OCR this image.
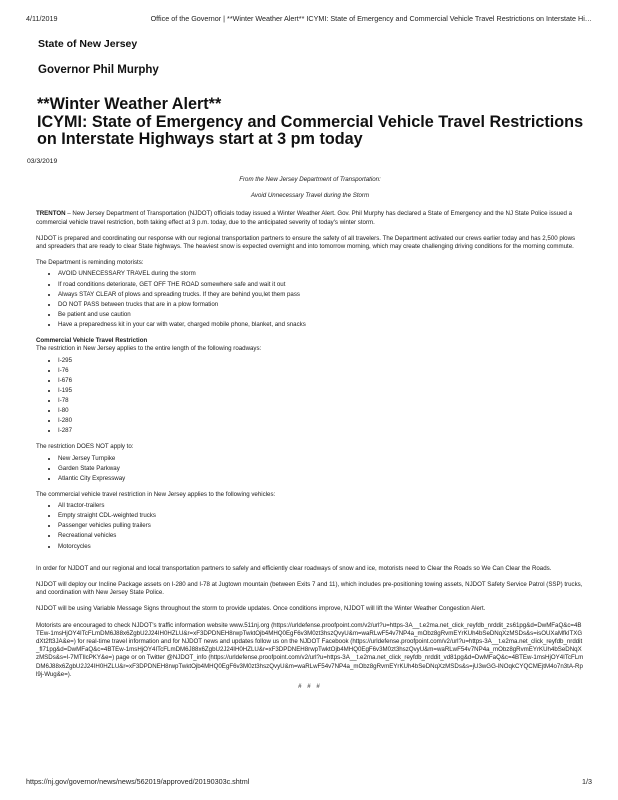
4/11/2019	Office of the Governor | **Winter Weather Alert** ICYMI: State of Emergency and Commercial Vehicle Travel Restrictions on Interstate Hi…
State of New Jersey
Governor Phil Murphy
**Winter Weather Alert**
ICYMI: State of Emergency and Commercial Vehicle Travel Restrictions on Interstate Highways start at 3 pm today
03/3/2019

From the New Jersey Department of Transportation:

Avoid Unnecessary Travel during the Storm

TRENTON – New Jersey Department of Transportation (NJDOT) officials today issued a Winter Weather Alert. Gov. Phil Murphy has declared a State of Emergency and the NJ State Police issued a commercial vehicle travel restriction, both taking effect at 3 p.m. today, due to the anticipated severity of today's winter storm.

NJDOT is prepared and coordinating our response with our regional transportation partners to ensure the safety of all travelers. The Department activated our crews earlier today and has 2,500 plows and spreaders that are ready to clear State highways. The heaviest snow is expected overnight and into tomorrow morning, which may create challenging driving conditions for the morning commute.

The Department is reminding motorists:

• AVOID UNNECESSARY TRAVEL during the storm
• If road conditions deteriorate, GET OFF THE ROAD somewhere safe and wait it out
• Always STAY CLEAR of plows and spreading trucks. If they are behind you,let them pass
• DO NOT PASS between trucks that are in a plow formation
• Be patient and use caution
• Have a preparedness kit in your car with water, charged mobile phone, blanket, and snacks

Commercial Vehicle Travel Restriction

The restriction in New Jersey applies to the entire length of the following roadways:

• I-295
• I-76
• I-676
• I-195
• I-78
• I-80
• I-280
• I-287

The restriction DOES NOT apply to:

• New Jersey Turnpike
• Garden State Parkway
• Atlantic City Expressway

The commercial vehicle travel restriction in New Jersey applies to the following vehicles:

• All tractor-trailers
• Empty straight CDL-weighted trucks
• Passenger vehicles pulling trailers
• Recreational vehicles
• Motorcycles

In order for NJDOT and our regional and local transportation partners to safely and efficiently clear roadways of snow and ice, motorists need to Clear the Roads so We Can Clear the Roads.

NJDOT will deploy our Incline Package assets on I-280 and I-78 at Jugtown mountain (between Exits 7 and 11), which includes pre-positioning towing assets, NJDOT Safety Service Patrol (SSP) trucks, and coordination with New Jersey State Police.

NJDOT will be using Variable Message Signs throughout the storm to provide updates. Once conditions improve, NJDOT will lift the Winter Weather Congestion Alert.

Motorists are encouraged to check NJDOT's traffic information website www.511nj.org (https://urldefense.proofpoint.com/v2/url?u=https-3A__t.e2ma.net_click_reyfdb_nrddit_zs61pg&d=DwMFaQ&c=4BTEw-1msHjOY4ITcFLmDM6J88x6ZgbU2J24IH0HZLU&r=xF3DPDNEH8rwpTwktOjb4MHQ0EgF6v3M0zt3hszQvyU&m=waRLwF54v7NP4a_mObz8gRvmEYrKUh4bSeDNqXzMSDs&s=isOUXaMfkITXGdXt2ft3JA&e=) for real-time travel information and for NJDOT news and updates follow us on the NJDOT Facebook (https://urldefense.proofpoint.com/v2/url?u=https-3A__t.e2ma.net_click_reyfdb_nrddit_fl71pg&d=DwMFaQ&c=4BTEw-1msHjOY4ITcFLmDM6J88x6ZgbU2J24IH0HZLU&r=xF3DPDNEH8rwpTwktOjb4MHQ0EgF6v3M0zt3hszQvyU&m=waRLwF54v7NP4a_mObz8gRvmEYrKUh4bSeDNqXzMSDs&s=I-7MTIlcPKY&e=) page or on Twitter @NJDOT_info (https://urldefense.proofpoint.com/v2/url?u=https-3A__t.e2ma.net_click_reyfdb_nrddit_vd81pg&d=DwMFaQ&c=4BTEw-1msHjOY4ITcFLmDM6J88x6ZgbU2J24IH0HZLU&r=xF3DPDNEH8rwpTwktOjb4MHQ0EgF6v3M0zt3hszQvyU&m=waRLwF54v7NP4a_mObz8gRvmEYrKUh4bSeDNqXzMSDs&s=jU3wGG-lNOqkCYQCMEjtM4o7n3tA-Rpl9j-Wug&e=).

# # #
https://nj.gov/governor/news/news/562019/approved/20190303c.shtml	1/3
